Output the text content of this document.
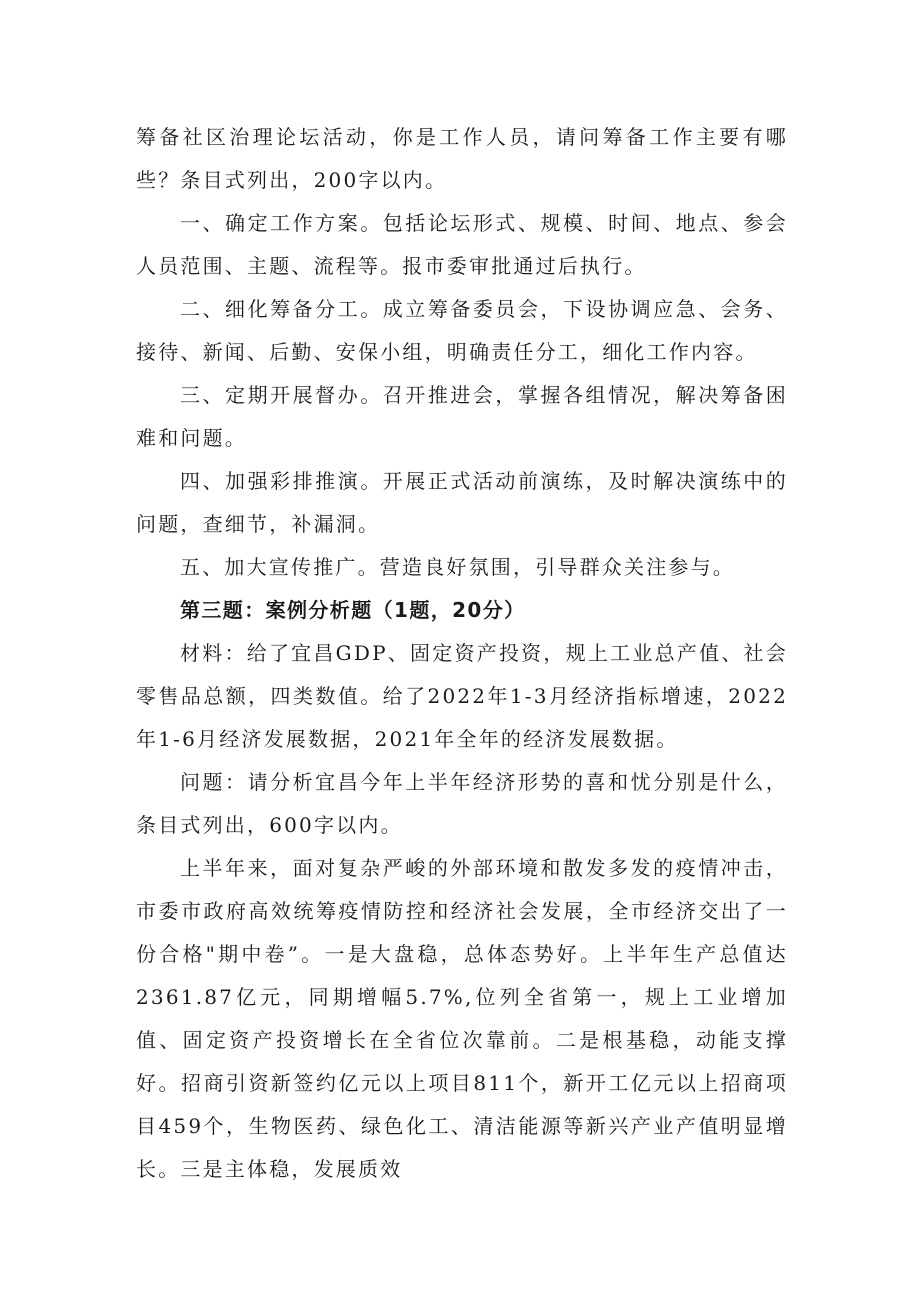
筹备社区治理论坛活动，你是工作人员，请问筹备工作主要有哪些？条目式列出，200字以内。

一、确定工作方案。包括论坛形式、规模、时间、地点、参会人员范围、主题、流程等。报市委审批通过后执行。

二、细化筹备分工。成立筹备委员会，下设协调应急、会务、接待、新闻、后勤、安保小组，明确责任分工，细化工作内容。

三、定期开展督办。召开推进会，掌握各组情况，解决筹备困难和问题。

四、加强彩排推演。开展正式活动前演练，及时解决演练中的问题，查细节，补漏洞。

五、加大宣传推广。营造良好氛围，引导群众关注参与。

第三题：案例分析题（1题，20分）

材料：给了宜昌GDP、固定资产投资，规上工业总产值、社会零售品总额，四类数值。给了2022年1-3月经济指标增速，2022年1-6月经济发展数据，2021年全年的经济发展数据。

问题：请分析宜昌今年上半年经济形势的喜和忧分别是什么，条目式列出，600字以内。

上半年来，面对复杂严峻的外部环境和散发多发的疫情冲击，市委市政府高效统筹疫情防控和经济社会发展，全市经济交出了一份合格"期中卷”。一是大盘稳，总体态势好。上半年生产总值达2361.87亿元，同期增幅5.7%,位列全省第一，规上工业增加值、固定资产投资增长在全省位次靠前。二是根基稳，动能支撑好。招商引资新签约亿元以上项目811个，新开工亿元以上招商项目459个，生物医药、绿色化工、清洁能源等新兴产业产值明显增长。三是主体稳，发展质效
